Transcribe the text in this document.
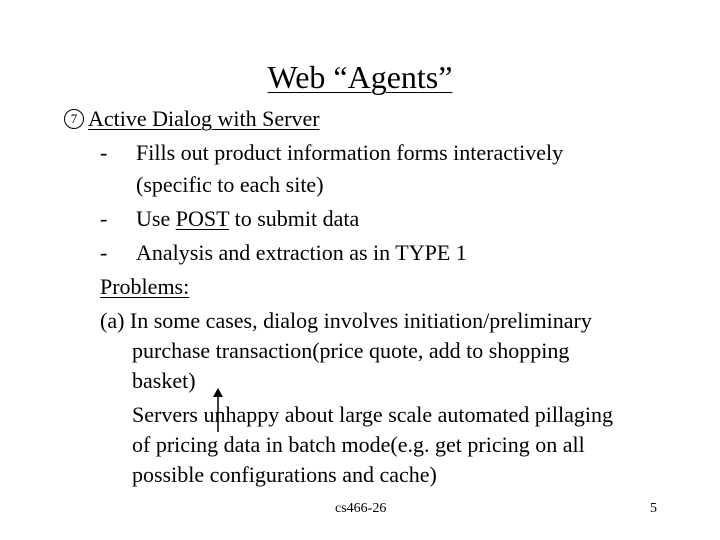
Web “Agents”
7 Active Dialog with Server
- Fills out product information forms interactively
(specific to each site)
- Use POST to submit data
- Analysis and extraction as in TYPE 1
Problems:
(a) In some cases, dialog involves initiation/preliminary
purchase transaction(price quote, add to shopping
basket)
Servers unhappy about large scale automated pillaging
of pricing data in batch mode(e.g. get pricing on all
possible configurations and cache)
cs466-26	5
